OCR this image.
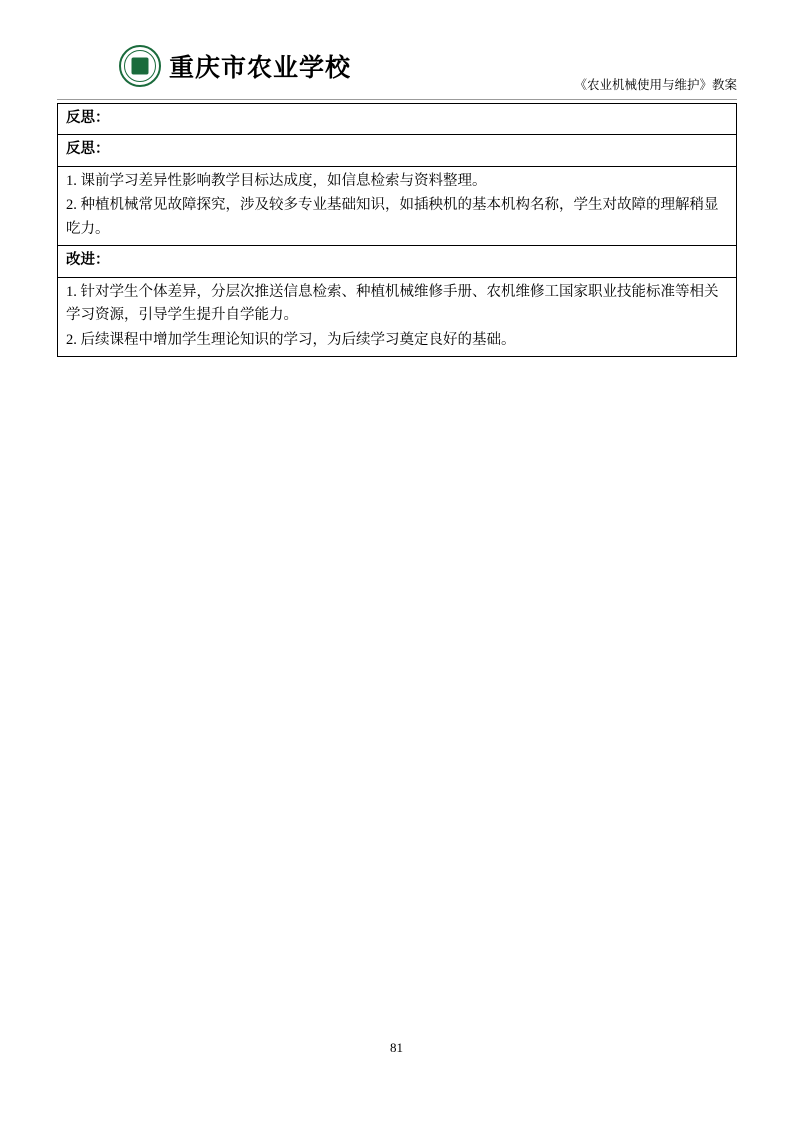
重庆市农业学校
《农业机械使用与维护》教案

反思：

反思：

1. 课前学习差异性影响教学目标达成度，如信息检索与资料整理。

2. 种植机械常见故障探究，涉及较多专业基础知识，如插秧机的基本机构名称，学生对故障的理解稍显吃力。

改进：

1. 针对学生个体差异，分层次推送信息检索、种植机械维修手册、农机维修工国家职业技能标准等相关学习资源，引导学生提升自学能力。

2. 后续课程中增加学生理论知识的学习，为后续学习奠定良好的基础。

81
